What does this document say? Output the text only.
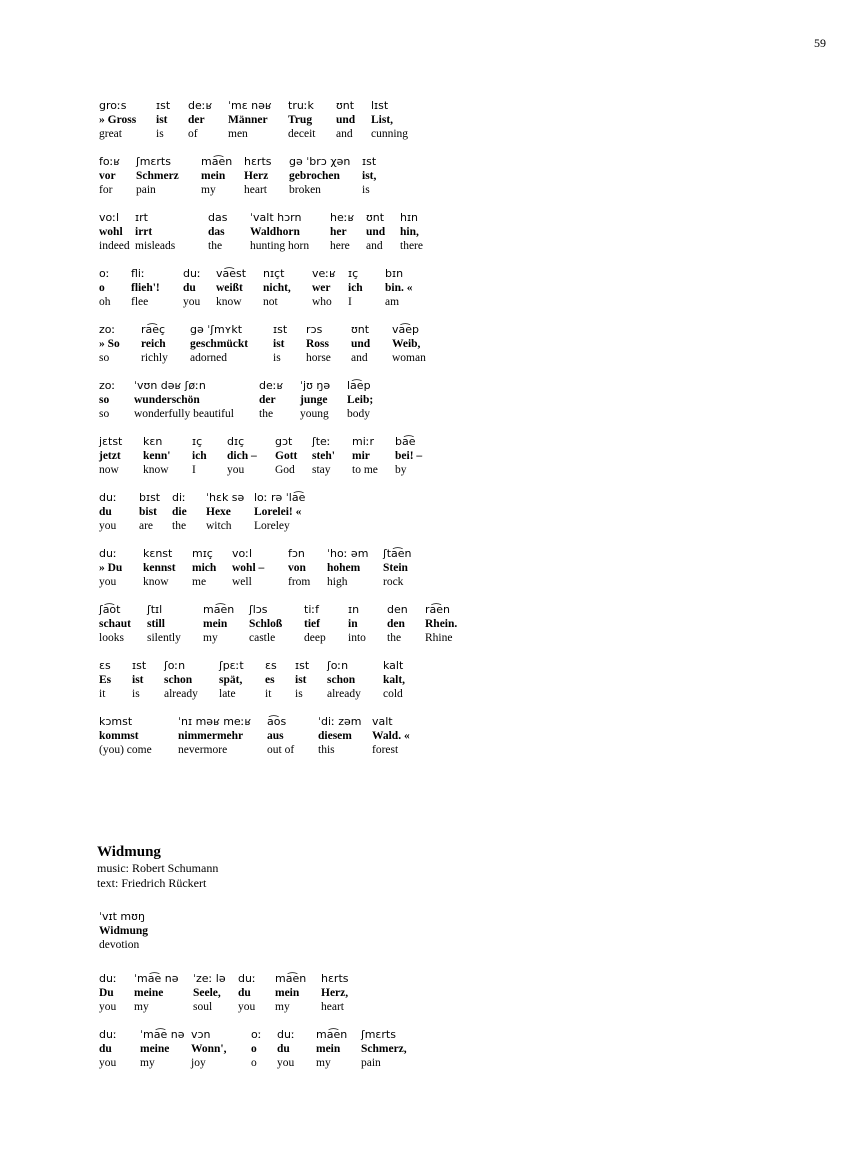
59
groːs
» Gross
great
ɪst
ist
is
deːʁ
der
of
ˈmɛ nəʁ
Männer
men
truːk
Trug
deceit
ʊnt
und
and
lɪst
List,
cunning
foːʁ
vor
for
ʃmɛrts
Schmerz
pain
ma͡en
mein
my
hɛrts
Herz
heart
gə ˈbrɔ χən
gebrochen
broken
ɪst
ist,
is
voːl
wohl
indeed
ɪrt
irrt
misleads
das
das
the
ˈvalt hɔrn
Waldhorn
hunting horn
heːʁ
her
here
ʊnt
und
and
hɪn
hin,
there
oː
o
oh
fliː
flieh'!
flee
duː
du
you
va͡est
weißt
know
nɪçt
nicht,
not
veːʁ
wer
who
ɪç
ich
I
bɪn
bin. «
am
zoː
» So
so
ra͡eç
reich
richly
gə ˈʃmʏkt
geschmückt
adorned
ɪst
ist
is
rɔs
Ross
horse
ʊnt
und
and
va͡ep
Weib,
woman
zoː
so
so
ˈvʊn dəʁ ʃøːn
wunderschön
wonderfully beautiful
deːʁ
der
the
ˈjʊ ŋə
junge
young
la͡ep
Leib;
body
jɛtst
jetzt
now
kɛn
kenn'
know
ɪç
ich
I
dɪç
dich –
you
gɔt
Gott
God
ʃteː
steh'
stay
miːr
mir
to me
ba͡e
bei! –
by
duː
du
you
bɪst
bist
are
diː
die
the
ˈhɛk sə
Hexe
witch
loː rə ˈla͡e
Lorelei! «
Loreley
duː
» Du
you
kɛnst
kennst
know
mɪç
mich
me
voːl
wohl –
well
fɔn
von
from
ˈhoː əm
hohem
high
ʃta͡en
Stein
rock
ʃa͡ot
schaut
looks
ʃtɪl
still
silently
ma͡en
mein
my
ʃlɔs
Schloß
castle
tiːf
tief
deep
ɪn
in
into
den
den
the
ra͡en
Rhein.
Rhine
ɛs
Es
it
ɪst
ist
is
ʃoːn
schon
already
ʃpɛːt
spät,
late
ɛs
es
it
ɪst
ist
is
ʃoːn
schon
already
kalt
kalt,
cold
kɔmst
kommst
(you) come
ˈnɪ məʁ meːʁ
nimmermehr
nevermore
a͡os
aus
out of
ˈdiː zəm
diesem
this
valt
Wald. «
forest
Widmung
music: Robert Schumann
text: Friedrich Rückert
ˈvɪt mʊŋ
Widmung
devotion
duː
Du
you
ˈma͡e nə
meine
my
ˈzeː lə
Seele,
soul
duː
du
you
ma͡en
mein
my
hɛrts
Herz,
heart
duː
du
you
ˈma͡e nə
meine
my
vɔn
Wonn',
joy
oː
o
o
duː
du
you
ma͡en
mein
my
ʃmɛrts
Schmerz,
pain
